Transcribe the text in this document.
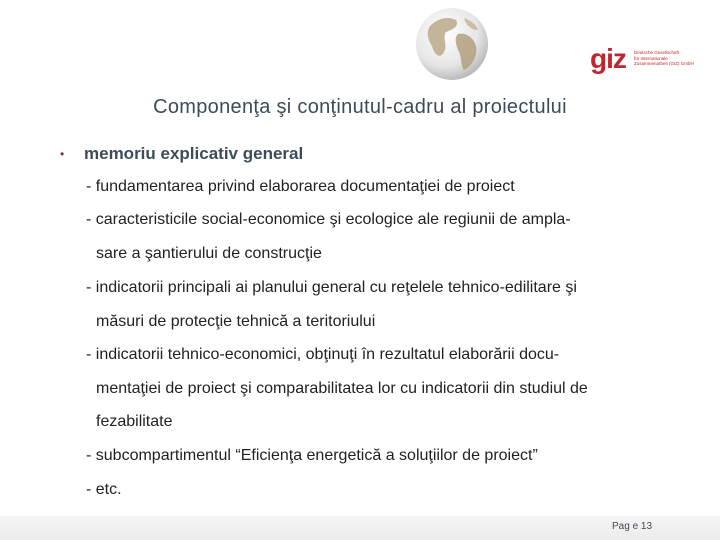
giz Deutsche Gesellschaft
für Internationale
Zusammenarbeit (GIZ) GmbH
Componenţa şi conţinutul-cadru al proiectului
• memoriu explicativ general
- fundamentarea privind elaborarea documentaţiei de proiect
- caracteristicile social-economice şi ecologice ale regiunii de ampla-
sare a şantierului de construcţie
- indicatorii principali ai planului general cu reţelele tehnico-edilitare şi
măsuri de protecţie tehnică a teritoriului
- indicatorii tehnico-economici, obţinuţi în rezultatul elaborării docu-
mentaţiei de proiect şi comparabilitatea lor cu indicatorii din studiul de
fezabilitate
- subcompartimentul “Eficienţa energetică a soluţiilor de proiect”
- etc.
Pag e 13
